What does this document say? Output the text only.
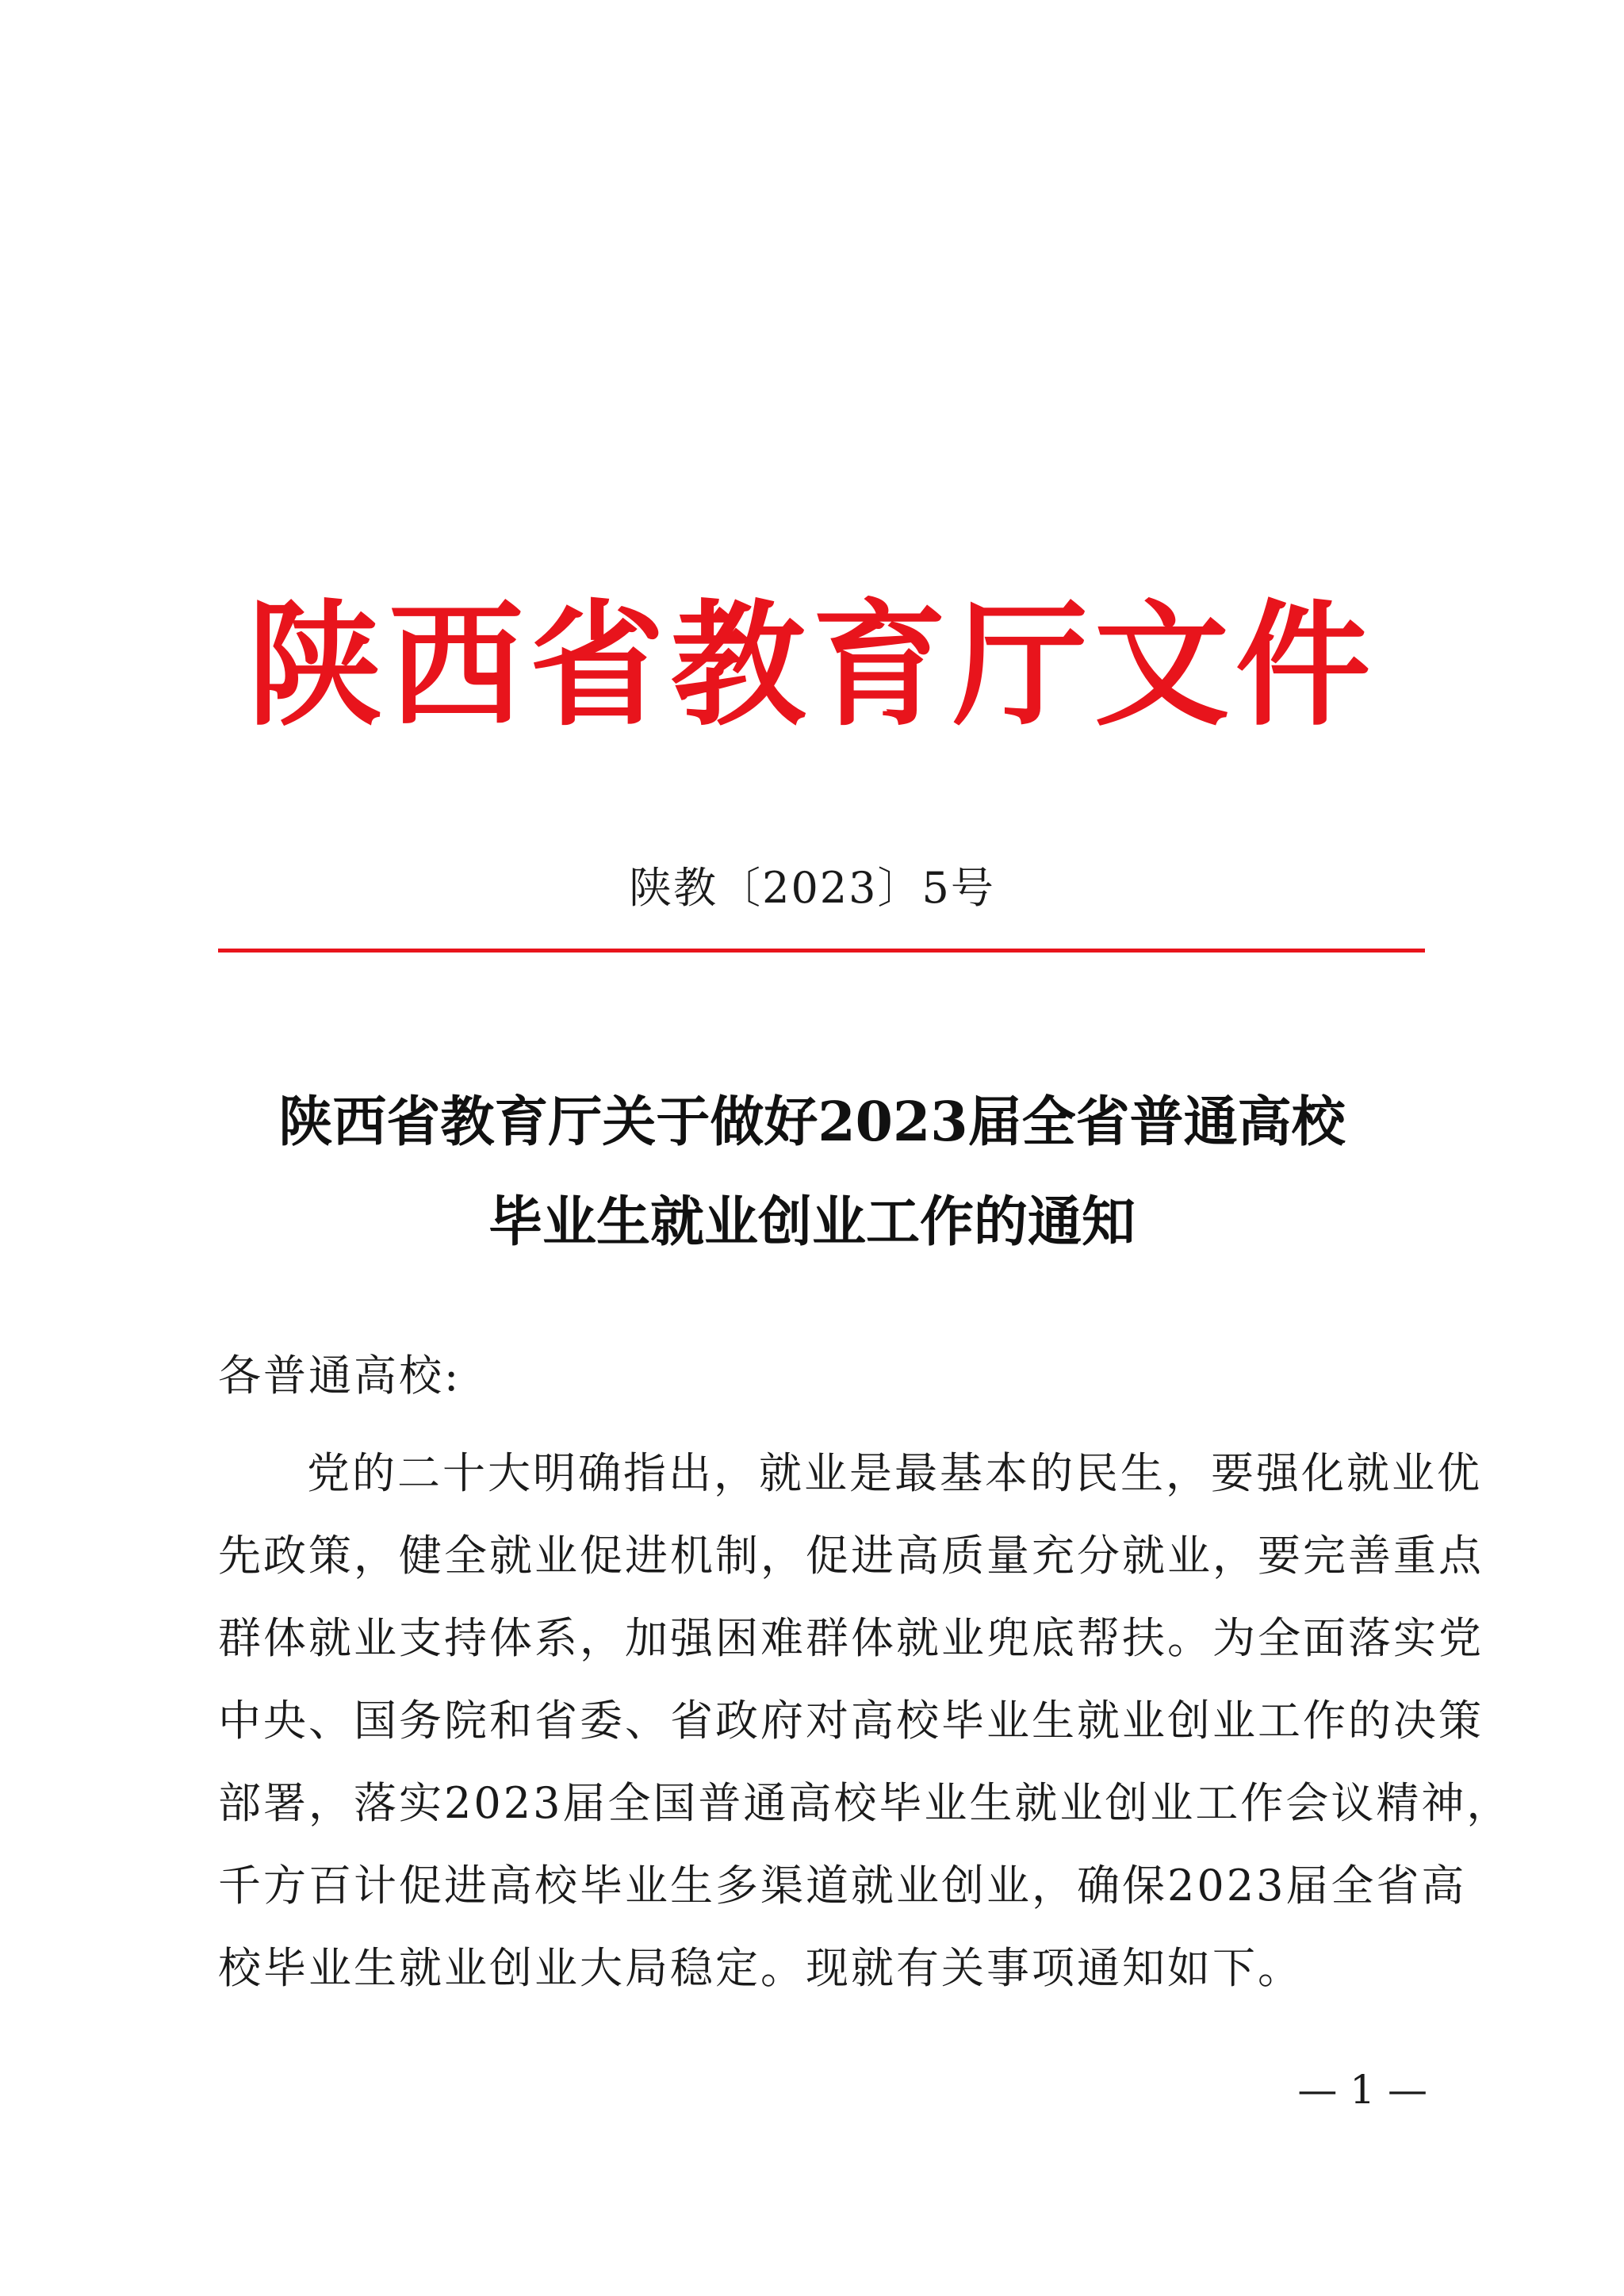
陕西省教育厅文件
陕教〔2023〕5号
陕西省教育厅关于做好2023届全省普通高校
毕业生就业创业工作的通知
各普通高校:
党的二十大明确指出，就业是最基本的民生，要强化就业优
先政策，健全就业促进机制，促进高质量充分就业，要完善重点
群体就业支持体系，加强困难群体就业兜底帮扶。为全面落实党
中央、国务院和省委、省政府对高校毕业生就业创业工作的决策
部署，落实2023届全国普通高校毕业生就业创业工作会议精神，
千方百计促进高校毕业生多渠道就业创业，确保2023届全省高
校毕业生就业创业大局稳定。现就有关事项通知如下。
— 1 —
